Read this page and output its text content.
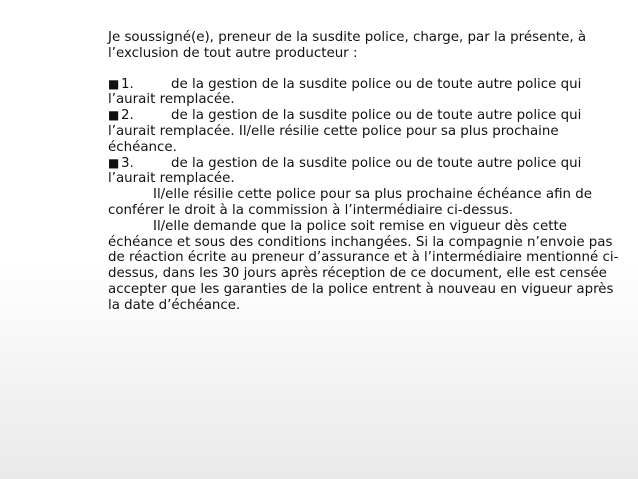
Je soussigné(e), preneur de la susdite police, charge, par la présente, à l’exclusion de tout autre producteur :

■ 1.	de la gestion de la susdite police ou de toute autre police qui l’aurait remplacée.

■ 2.	de la gestion de la susdite police ou de toute autre police qui l’aurait remplacée. Il/elle résilie cette police pour sa plus prochaine échéance.

■ 3.	de la gestion de la susdite police ou de toute autre police qui l’aurait remplacée.

Il/elle résilie cette police pour sa plus prochaine échéance afin de conférer le droit à la commission à l’intermédiaire ci-dessus.

Il/elle demande que la police soit remise en vigueur dès cette échéance et sous des conditions inchangées. Si la compagnie n’envoie pas de réaction écrite au preneur d’assurance et à l’intermédiaire mentionné ci-dessus, dans les 30 jours après réception de ce document, elle est censée accepter que les garanties de la police entrent à nouveau en vigueur après la date d’échéance.
